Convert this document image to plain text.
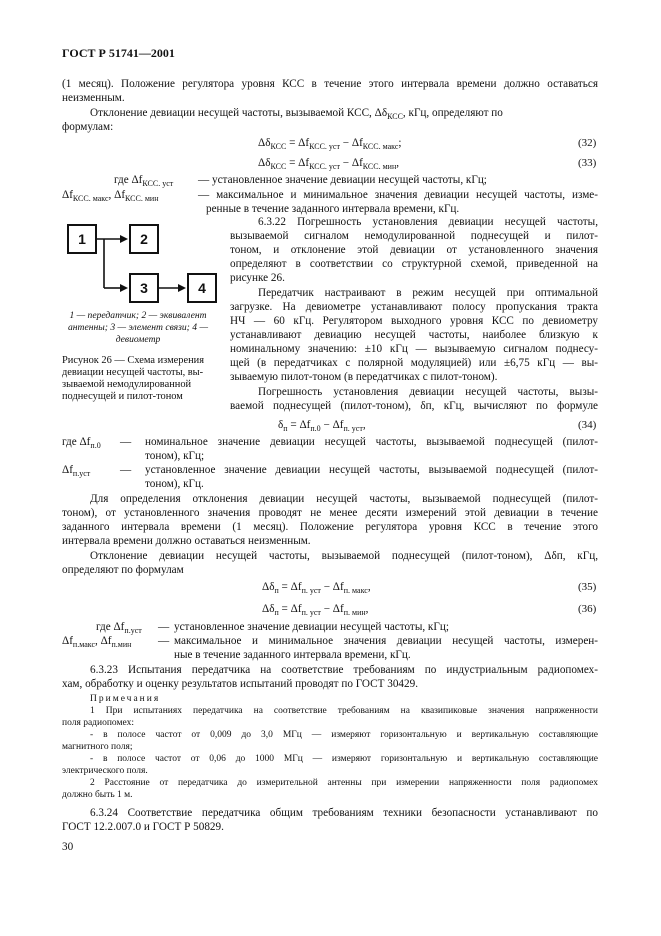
ГОСТ Р 51741—2001
(1 месяц). Положение регулятора уровня КСС в течение этого интервала времени должно оставаться
неизменным.
Отклонение девиации несущей частоты, вызываемой КСС, $\Delta\delta_{КСС}$, кГц, определяют по
формулам:
$\Delta\delta_{КСС} = \Delta f_{КСС. уст} - \Delta f_{КСС. макс}$;	(32)
$\Delta\delta_{КСС} = \Delta f_{КСС. уст} - \Delta f_{КСС. мин}$,	(33)
где $\Delta f_{КСС. уст}$ — установленное значение девиации несущей частоты, кГц;
$\Delta f_{КСС. макс}$, $\Delta f_{КСС. мин}$	— максимальное и минимальное значения девиации несущей частоты, изме-
ренные в течение заданного интервала времени, кГц.
1	2
3	4
1 — передатчик; 2 — эквивалент
антенны; 3 — элемент связи; 4 —
девиометр
Рисунок 26 — Схема измерения
девиации несущей частоты, вы-
зываемой немодулированной
поднесущей и пилот-тоном
6.3.22 Погрешность установления девиации несущей частоты,
вызываемой сигналом немодулированной поднесущей и пилот-
тоном, и отклонение этой девиации от установленного значения
определяют в соответствии со структурной схемой, приведенной на
рисунке 26.
Передатчик настраивают в режим несущей при оптимальной
загрузке. На девиометре устанавливают полосу пропускания тракта
НЧ — 60 кГц. Регулятором выходного уровня КСС по девиометру
устанавливают девиацию несущей частоты, наиболее близкую к
номинальному значению: ±10 кГц — вызываемую сигналом поднесу-
щей (в передатчиках с полярной модуляцией) или ±6,75 кГц — вы-
зываемую пилот-тоном (в передатчиках с пилот-тоном).
Погрешность установления девиации несущей частоты, вызы-
ваемой поднесущей (пилот-тоном), δп, кГц, вычисляют по формуле
$\delta_п = \Delta f_{п.0} - \Delta f_{п. уст}$,	(34)
где $\Delta f_{п.0}$ — номинальное значение девиации несущей частоты, вызываемой поднесущей (пилот-
тоном), кГц;
$\Delta f_{п.уст}$	— установленное значение девиации несущей частоты, вызываемой поднесущей (пилот-
тоном), кГц.
Для определения отклонения девиации несущей частоты, вызываемой поднесущей (пилот-
тоном), от установленного значения проводят не менее десяти измерений этой девиации в течение
заданного интервала времени (1 месяц). Положение регулятора уровня КСС в течение этого
интервала времени должно оставаться неизменным.
Отклонение девиации несущей частоты, вызываемой поднесущей (пилот-тоном), Δδп, кГц,
определяют по формулам
$\Delta\delta_п = \Delta f_{п. уст} - \Delta f_{п. макс}$,	(35)
$\Delta\delta_п = \Delta f_{п. уст} - \Delta f_{п. мин}$,	(36)
где $\Delta f_{п.уст}$ — установленное значение девиации несущей частоты, кГц;
$\Delta f_{п.макс}$, $\Delta f_{п.мин}$ — максимальное и минимальное значения девиации несущей частоты, измерен-
ные в течение заданного интервала времени, кГц.
6.3.23 Испытания передатчика на соответствие требованиям по индустриальным радиопомех-
хам, обработку и оценку результатов испытаний проводят по ГОСТ 30429.
Примечания
1 При испытаниях передатчика на соответствие требованиям на квазипиковые значения напряженности
поля радиопомех:
- в полосе частот от 0,009 до 3,0 МГц — измеряют горизонтальную и вертикальную составляющие
магнитного поля;
- в полосе частот от 0,06 до 1000 МГц — измеряют горизонтальную и вертикальную составляющие
электрического поля.
2 Расстояние от передатчика до измерительной антенны при измерении напряженности поля радиопомех
должно быть 1 м.
6.3.24 Соответствие передатчика общим требованиям техники безопасности устанавливают по
ГОСТ 12.2.007.0 и ГОСТ Р 50829.
30
